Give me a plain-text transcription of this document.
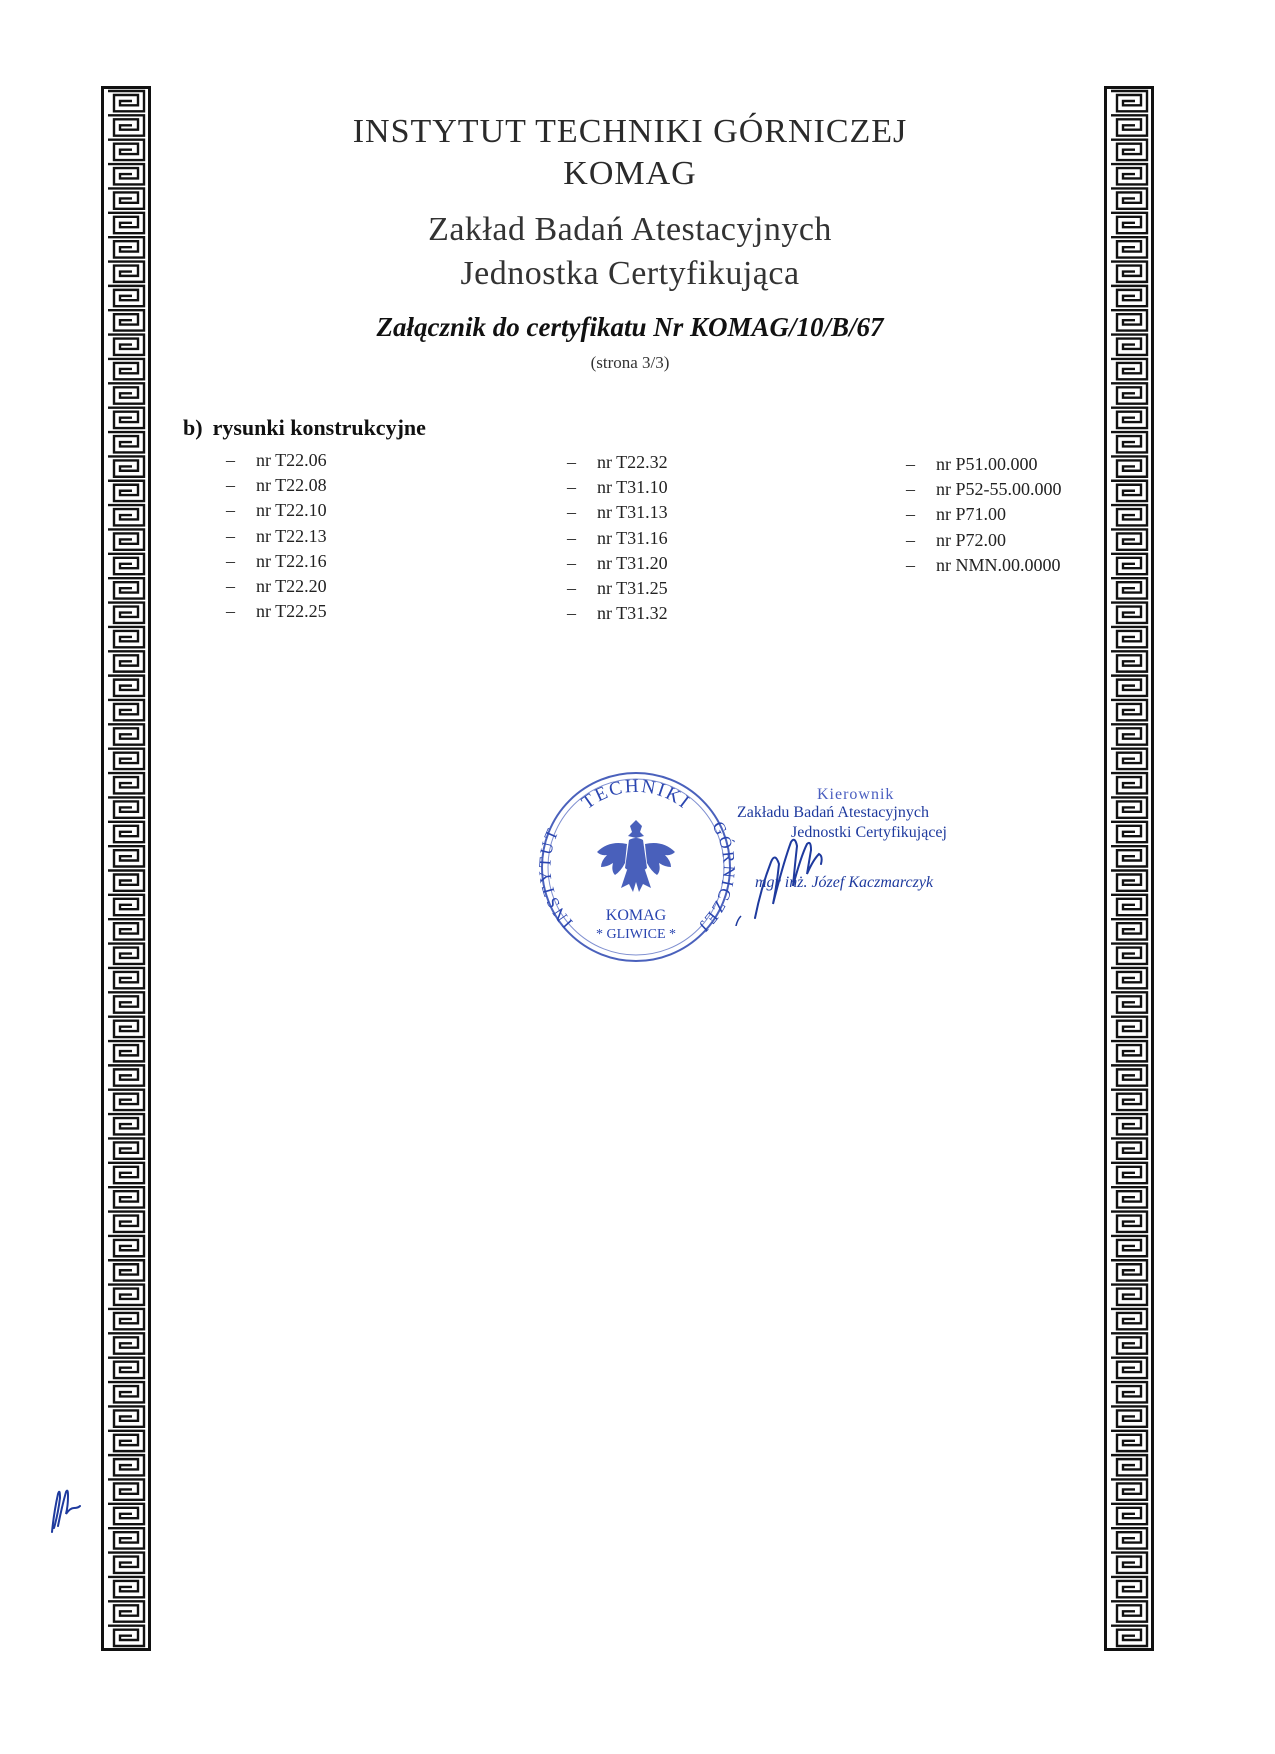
INSTYTUT TECHNIKI GÓRNICZEJ
KOMAG
Zakład Badań Atestacyjnych
Jednostka Certyfikująca
Załącznik do certyfikatu Nr KOMAG/10/B/67
(strona 3/3)
b) rysunki konstrukcyjne
– nr T22.06
– nr T22.08
– nr T22.10
– nr T22.13
– nr T22.16
– nr T22.20
– nr T22.25
– nr T22.32
– nr T31.10
– nr T31.13
– nr T31.16
– nr T31.20
– nr T31.25
– nr T31.32
– nr P51.00.000
– nr P52-55.00.000
– nr P71.00
– nr P72.00
– nr NMN.00.0000
TECHNIKI
INSTYTUT	GÓ CZEJ
KOMAG
* GLIWICE *
Kierownik
Zakładu Badań Atestacyjnych
Jednostki Certyfikującej
mgr inż. Józef Kaczmarczyk
